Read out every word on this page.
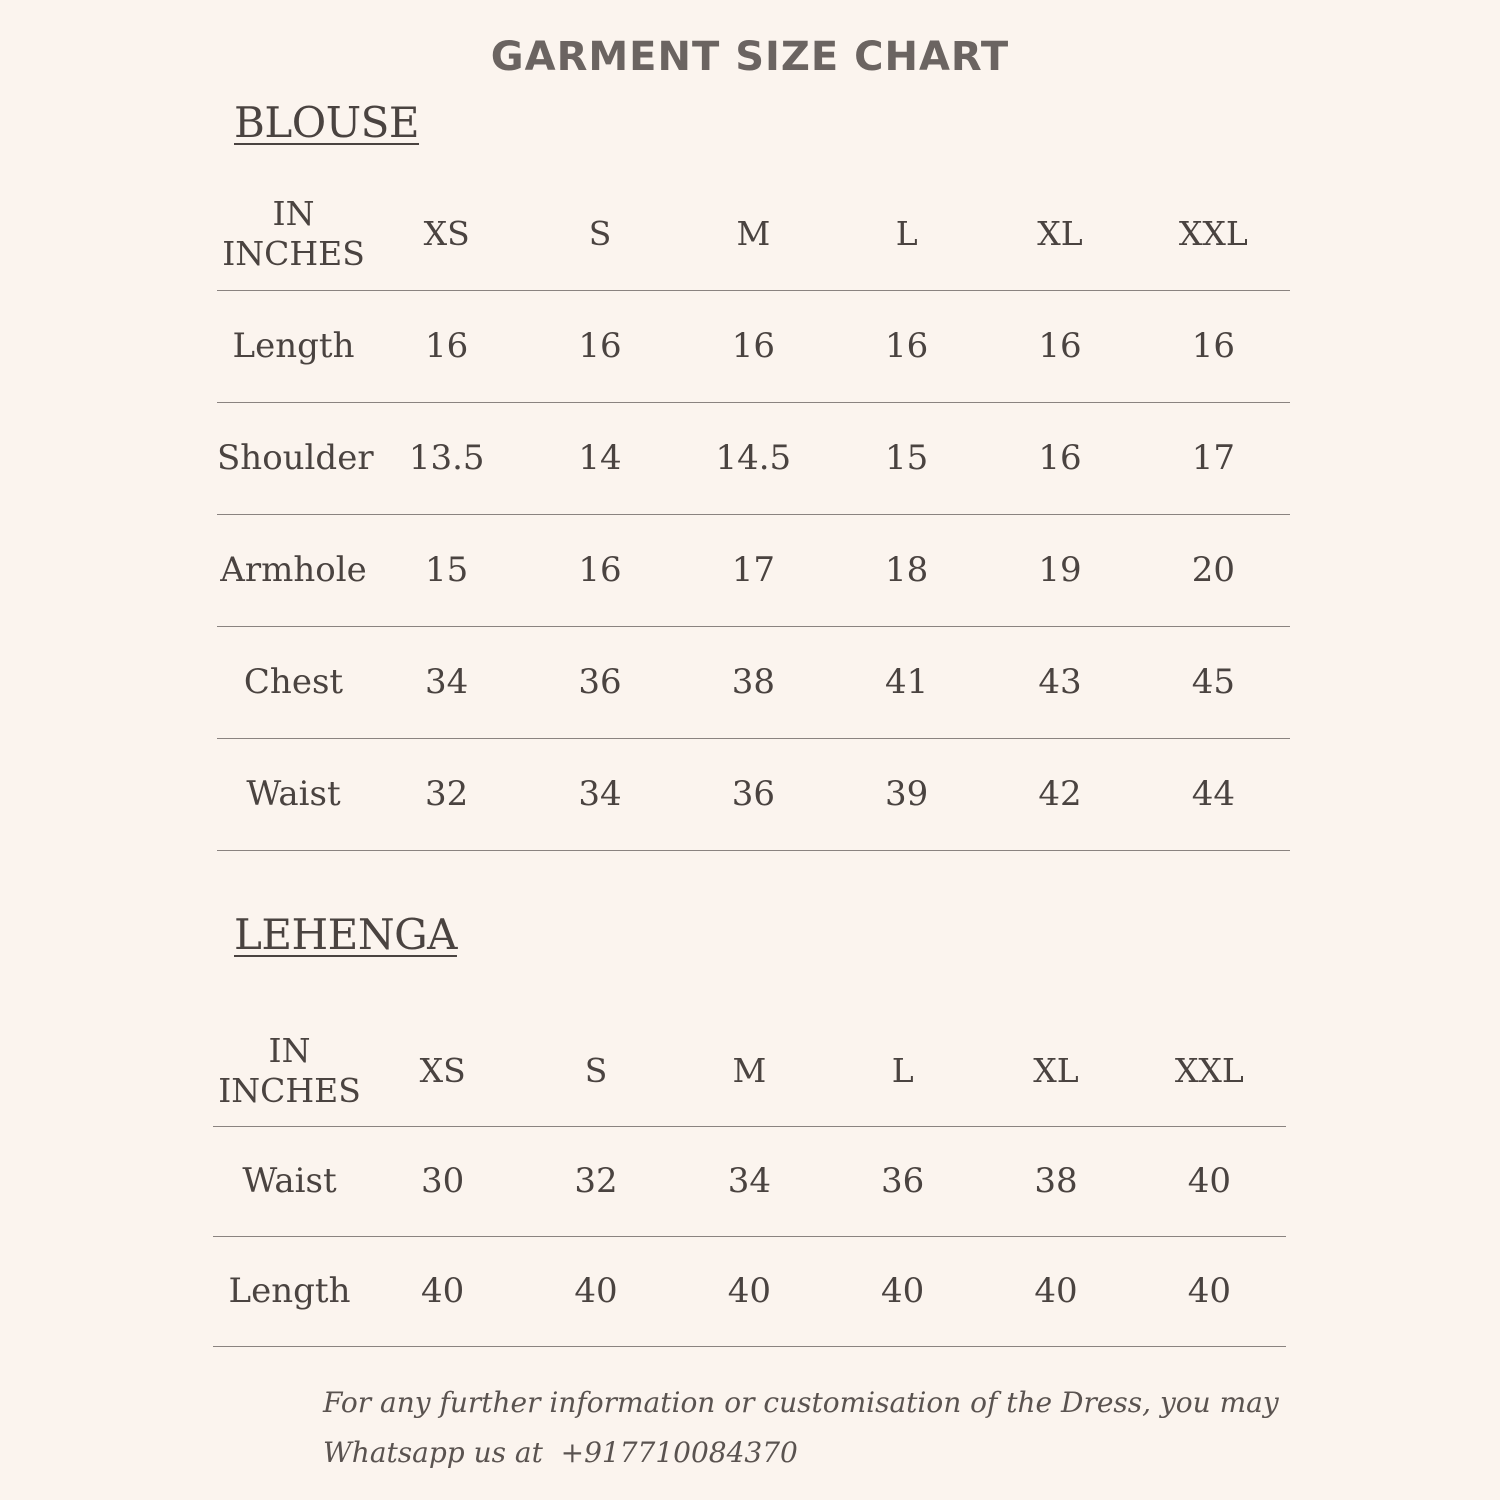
GARMENT SIZE CHART
BLOUSE
IN
INCHES	XS	S	M	L	XL	XXL
Length	16	16	16	16	16	16
Shoulder	13.5	14	14.5	15	16	17
Armhole	15	16	17	18	19	20
Chest	34	36	38	41	43	45
Waist	32	34	36	39	42	44
LEHENGA
IN
INCHES	XS	S	M	L	XL	XXL
Waist	30	32	34	36	38	40
Length	40	40	40	40	40	40
For any further information or customisation of the Dress, you may
Whatsapp us at  +917710084370
